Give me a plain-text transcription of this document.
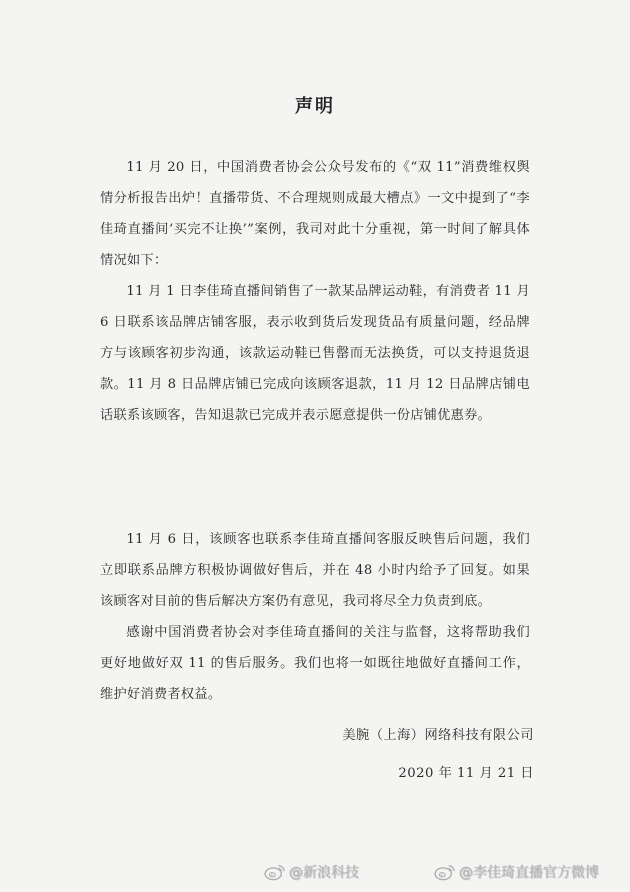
声明

11 月 20 日，中国消费者协会公众号发布的《“双 11”消费维权舆情分析报告出炉！直播带货、不合理规则成最大槽点》一文中提到了“李佳琦直播间‘买完不让换’”案例，我司对此十分重视，第一时间了解具体情况如下：

11 月 1 日李佳琦直播间销售了一款某品牌运动鞋，有消费者 11 月 6 日联系该品牌店铺客服，表示收到货后发现货品有质量问题，经品牌方与该顾客初步沟通，该款运动鞋已售罄而无法换货，可以支持退货退款。11 月 8 日品牌店铺已完成向该顾客退款，11 月 12 日品牌店铺电话联系该顾客，告知退款已完成并表示愿意提供一份店铺优惠券。

11 月 6 日，该顾客也联系李佳琦直播间客服反映售后问题，我们立即联系品牌方积极协调做好售后，并在 48 小时内给予了回复。如果该顾客对目前的售后解决方案仍有意见，我司将尽全力负责到底。

感谢中国消费者协会对李佳琦直播间的关注与监督，这将帮助我们更好地做好双 11 的售后服务。我们也将一如既往地做好直播间工作，维护好消费者权益。

美腕（上海）网络科技有限公司
2020 年 11 月 21 日
@新浪科技	@李佳琦直播官方微博
